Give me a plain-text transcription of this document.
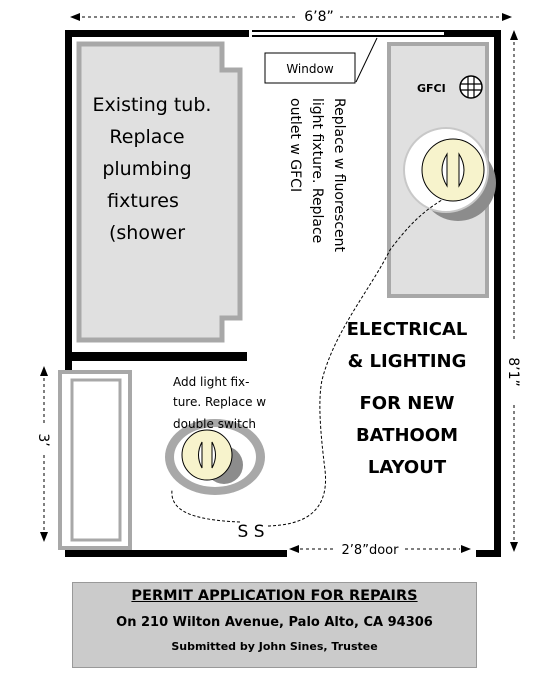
6’8”
Window
GFCI
Existing tub.
Replace
plumbing
fixtures
(shower	Replace w fluorescent
light fixture. Replace
outlet w GFCI
Add light fix-
ture. Replace w
double switch
S S
ELECTRICAL
& LIGHTING
FOR NEW
BATHOOM
LAYOUT
8’1”
3’
2’8”door
PERMIT APPLICATION FOR REPAIRS
On 210 Wilton Avenue, Palo Alto, CA 94306
Submitted by John Sines, Trustee
